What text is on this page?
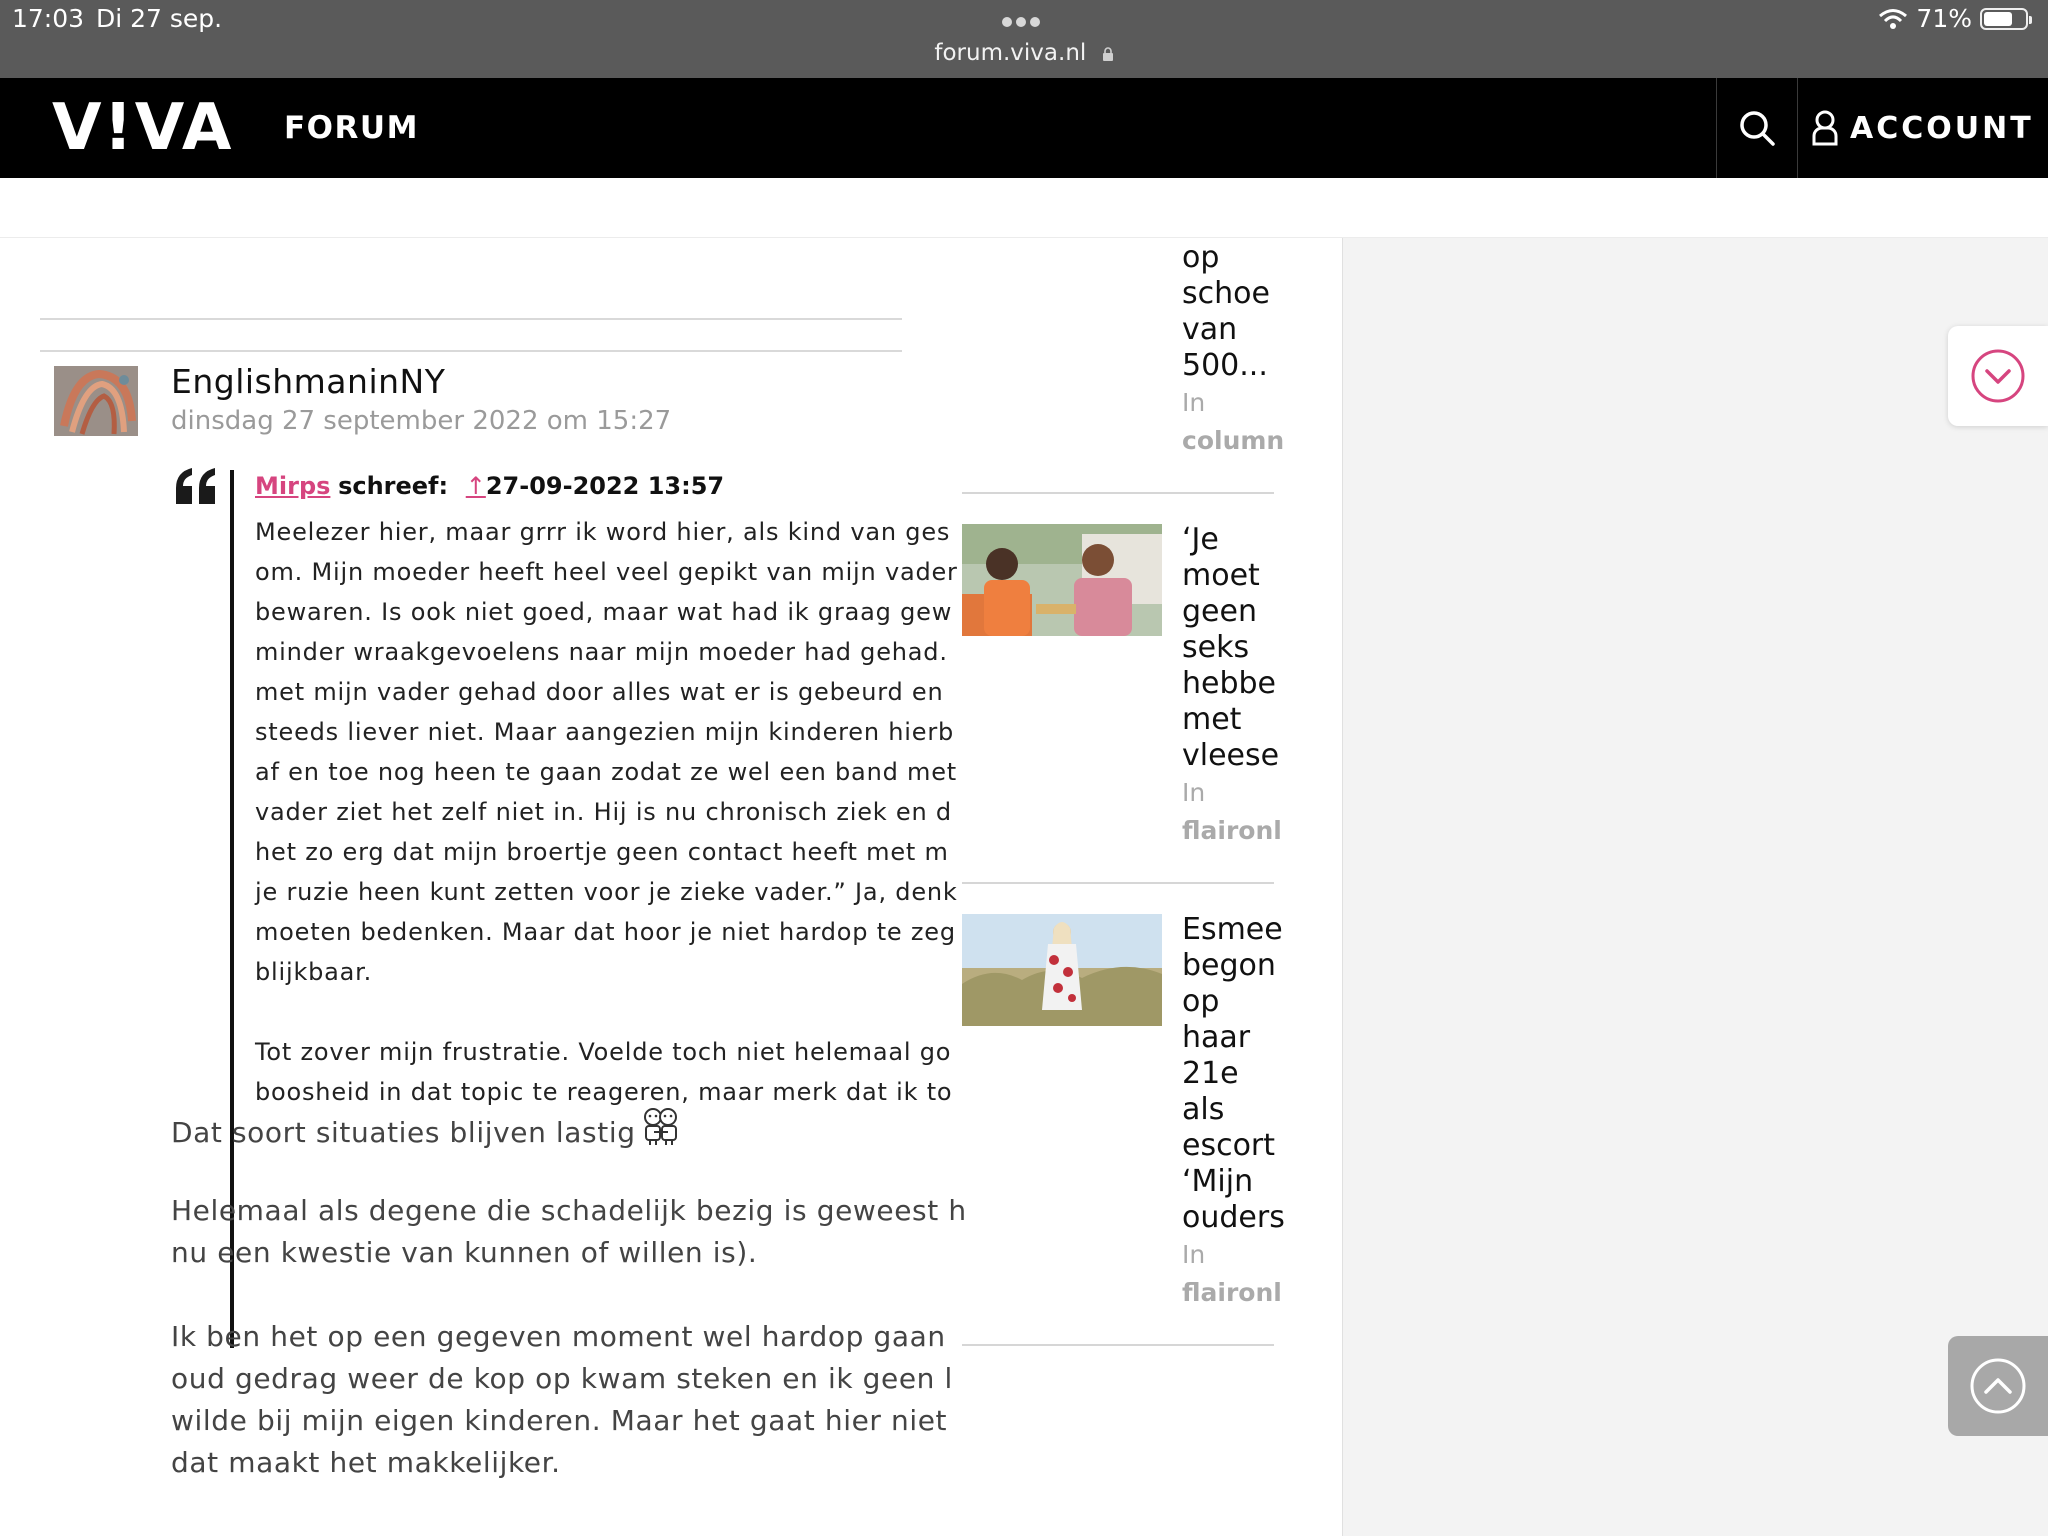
17:03 Di 27 sep.
forum.viva.nl
71%
V!VA FORUM	ACCOUNT
EnglishmaninNY
dinsdag 27 september 2022 om 15:27
Mirps schreef: ↑27-09-2022 13:57
Meelezer hier, maar grrr ik word hier, als kind van ges
om. Mijn moeder heeft heel veel gepikt van mijn vader
bewaren. Is ook niet goed, maar wat had ik graag gew
minder wraakgevoelens naar mijn moeder had gehad.
met mijn vader gehad door alles wat er is gebeurd en
steeds liever niet. Maar aangezien mijn kinderen hierb
af en toe nog heen te gaan zodat ze wel een band met
vader ziet het zelf niet in. Hij is nu chronisch ziek en d
het zo erg dat mijn broertje geen contact heeft met m
je ruzie heen kunt zetten voor je zieke vader.” Ja, denk
moeten bedenken. Maar dat hoor je niet hardop te zeg
blijkbaar.
Tot zover mijn frustratie. Voelde toch niet helemaal go
boosheid in dat topic te reageren, maar merk dat ik to
Dat soort situaties blijven lastig
Helemaal als degene die schadelijk bezig is geweest h
nu een kwestie van kunnen of willen is).
Ik ben het op een gegeven moment wel hardop gaan
oud gedrag weer de kop op kwam steken en ik geen l
wilde bij mijn eigen kinderen. Maar het gaat hier niet
dat maakt het makkelijker.
op
schoe
van
500...
In
column
‘Je
moet
geen
seks
hebbe
met
vleese
In
flaironl
Esmee
begon
op
haar
21e
als
escort
‘Mijn
ouders
In
flaironl
